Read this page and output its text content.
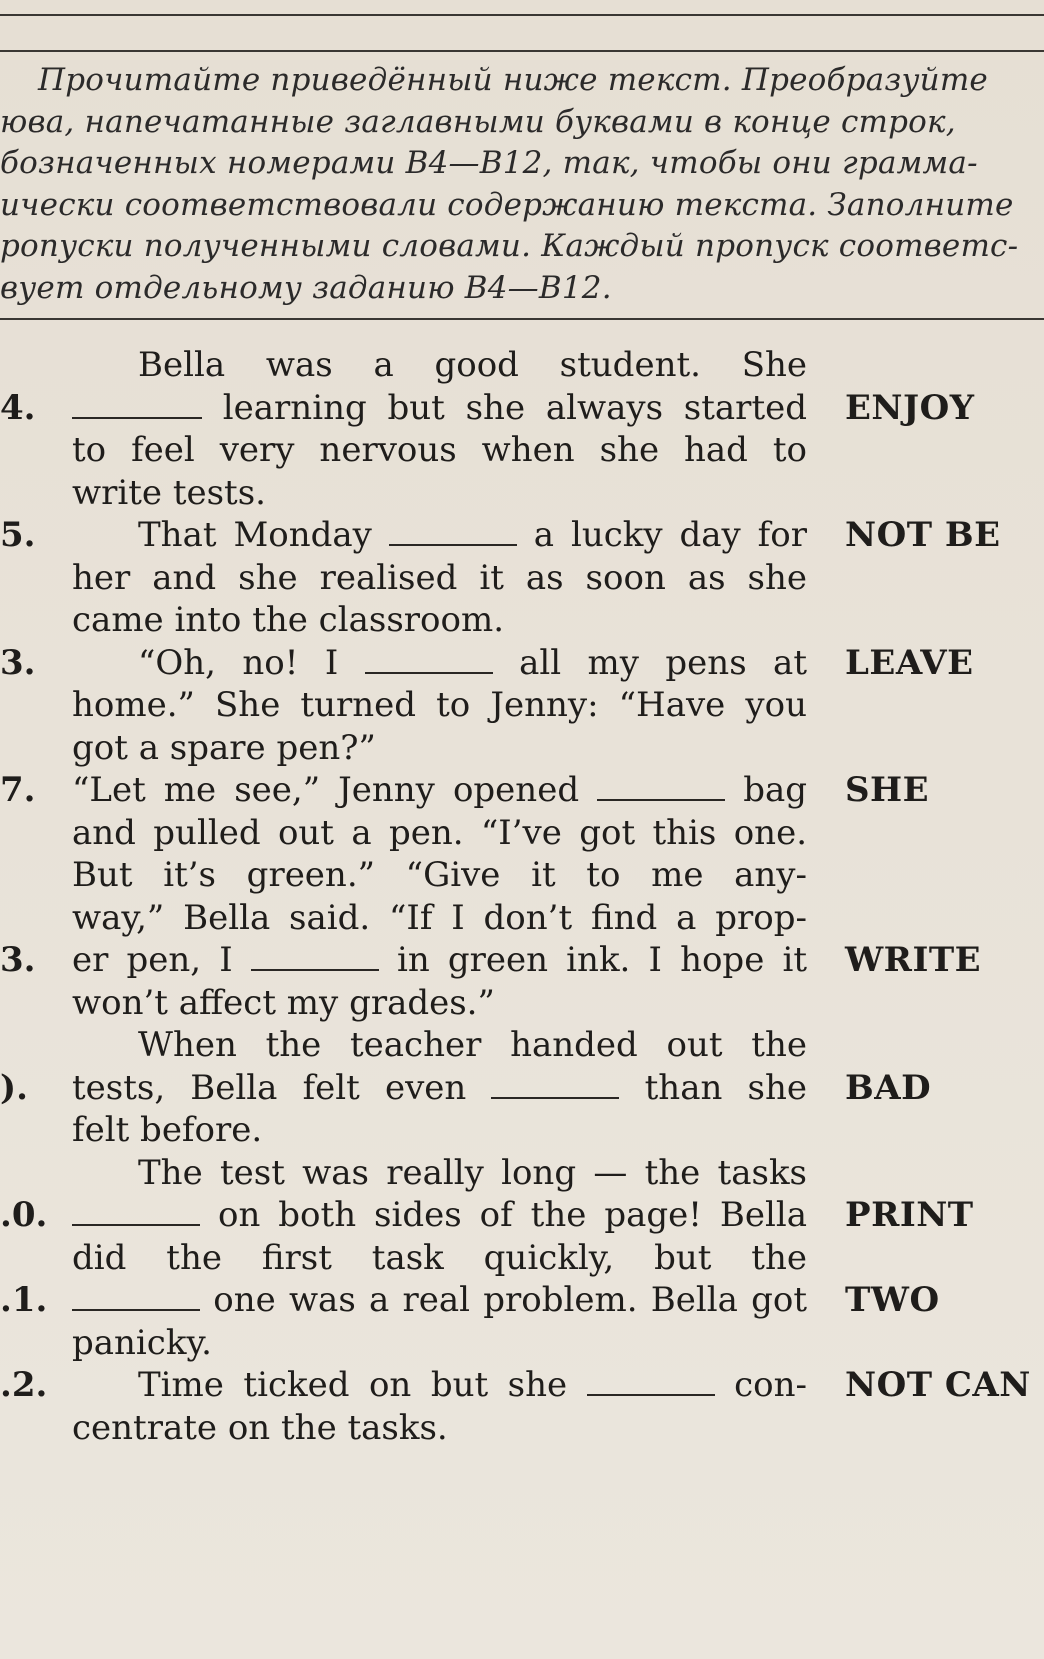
Прочитайте приведённый ниже текст. Преобразуйте
юва, напечатанные заглавными буквами в конце строк,
бозначенных номерами B4—B12, так, чтобы они грамма-
ически соответствовали содержанию текста. Заполните
ропуски полученными словами. Каждый пропуск соответс-
вует отдельному заданию B4—B12.
Bella was a good student. She
4.	learning but she always started ENJOY
to feel very nervous when she had to
write tests.
5.	That Monday	a lucky day for NOT BE
her and she realised it as soon as she
came into the classroom.
3.	“Oh, no! I	all my pens at LEAVE
home.” She turned to Jenny: “Have you
got a spare pen?”
7. “Let me see,” Jenny opened	bag SHE
and pulled out a pen. “I’ve got this one.
But it’s green.” “Give it to me any-
way,” Bella said. “If I don’t find a prop-
3. er pen, I	in green ink. I hope it WRITE
won’t affect my grades.”
When the teacher handed out the
). tests, Bella felt even	than she BAD
felt before.
The test was really long — the tasks
.0.	on both sides of the page! Bella PRINT
did the first task quickly, but the
.1.	one was a real problem. Bella got TWO
panicky.
.2.	Time ticked on but she	con- NOT CAN
centrate on the tasks.
